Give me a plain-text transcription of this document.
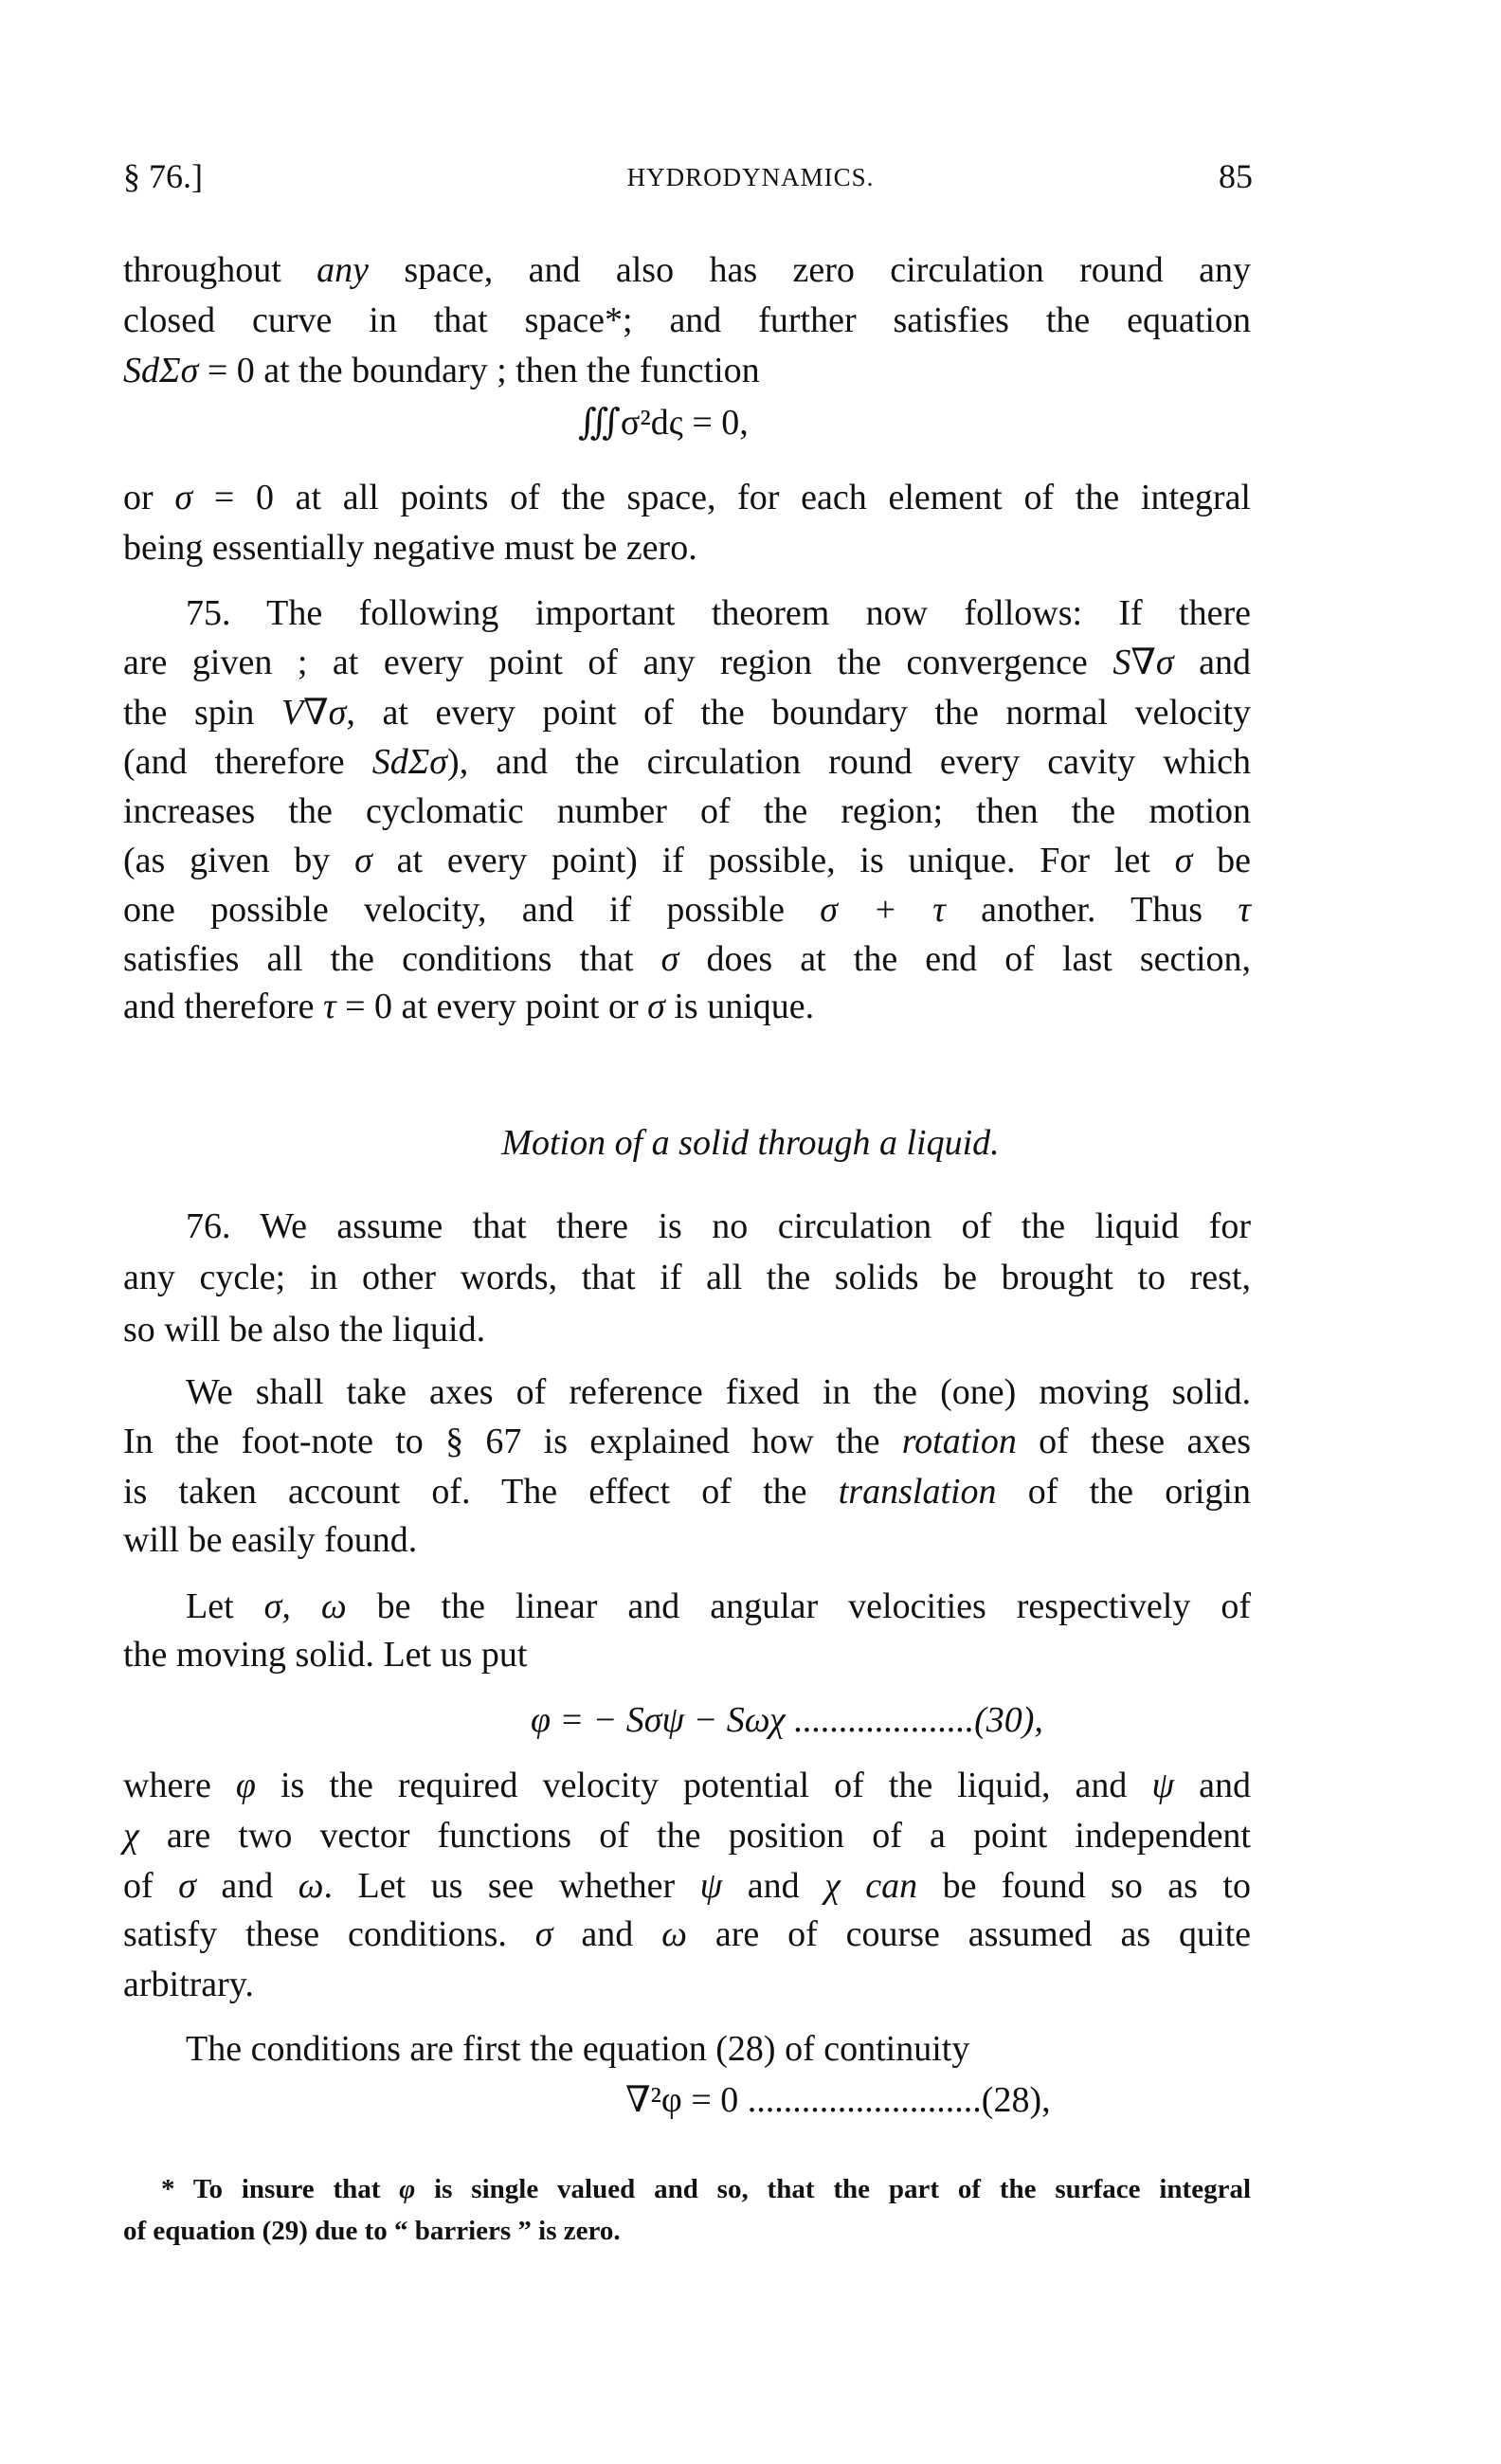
§ 76.]	HYDRODYNAMICS.	85
throughout any space, and also has zero circulation round any
closed curve in that space*; and further satisfies the equation
SdΣσ = 0 at the boundary ; then the function
or σ = 0 at all points of the space, for each element of the integral
being essentially negative must be zero.
75. The following important theorem now follows: If there
are given ; at every point of any region the convergence S∇σ and
the spin V∇σ, at every point of the boundary the normal velocity
(and therefore SdΣσ), and the circulation round every cavity which
increases the cyclomatic number of the region; then the motion
(as given by σ at every point) if possible, is unique. For let σ be
one possible velocity, and if possible σ + τ another. Thus τ
satisfies all the conditions that σ does at the end of last section,
and therefore τ = 0 at every point or σ is unique.
76. We assume that there is no circulation of the liquid for
any cycle; in other words, that if all the solids be brought to rest,
so will be also the liquid.
We shall take axes of reference fixed in the (one) moving solid.
In the foot-note to § 67 is explained how the rotation of these axes
is taken account of. The effect of the translation of the origin
will be easily found.
Let σ, ω be the linear and angular velocities respectively of
the moving solid. Let us put
where φ is the required velocity potential of the liquid, and ψ and
χ are two vector functions of the position of a point independent
of σ and ω. Let us see whether ψ and χ can be found so as to
satisfy these conditions. σ and ω are of course assumed as quite
arbitrary.
The conditions are first the equation (28) of continuity
∭σ²dς = 0,
φ = − Sσψ − Sωχ ....................(30),
∇²φ = 0 ..........................(28),
Motion of a solid through a liquid.
* To insure that φ is single valued and so, that the part of the surface integral
of equation (29) due to “ barriers ” is zero.
